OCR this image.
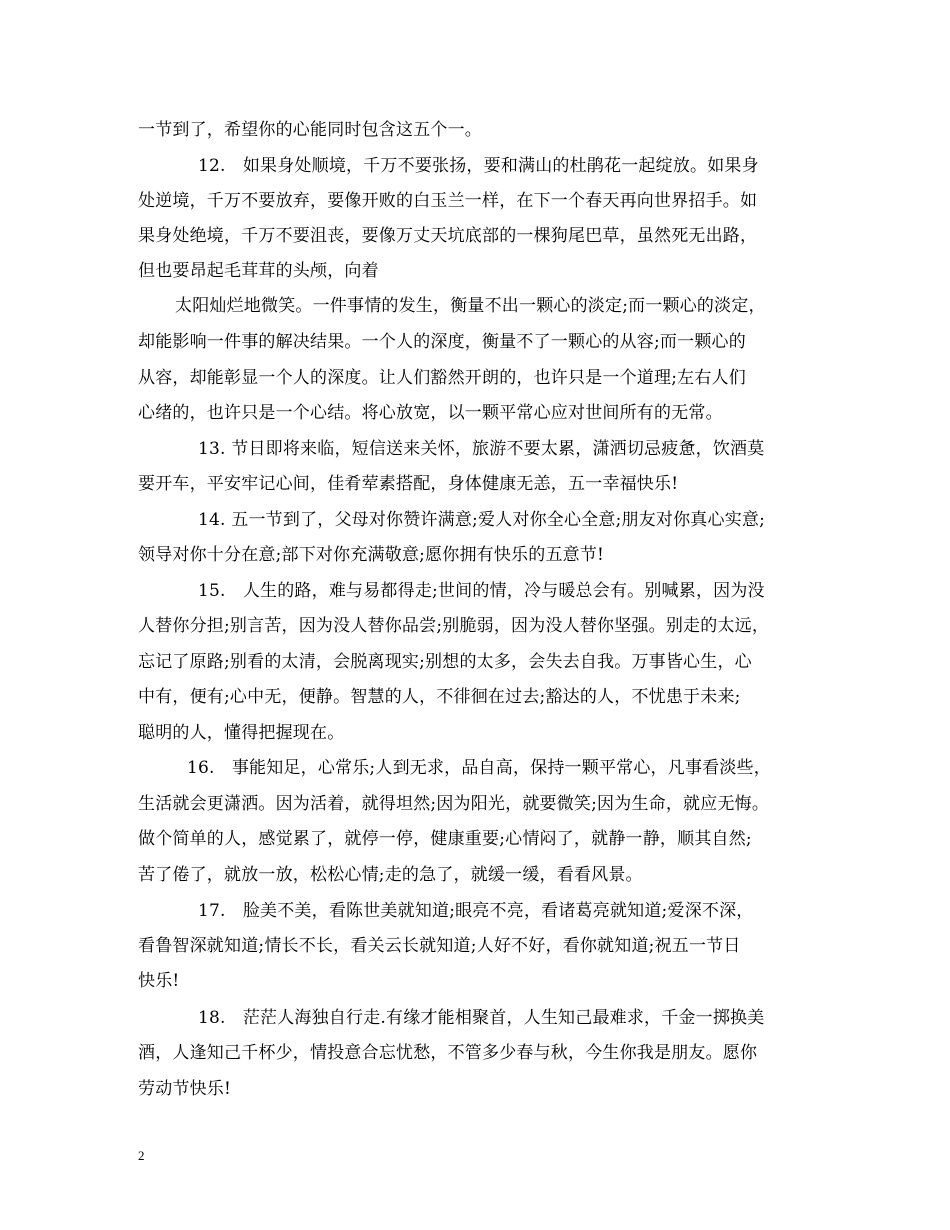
一节到了，希望你的心能同时包含这五个一。
12.　如果身处顺境，千万不要张扬，要和满山的杜鹃花一起绽放。如果身
处逆境，千万不要放弃，要像开败的白玉兰一样，在下一个春天再向世界招手。如
果身处绝境，千万不要沮丧，要像万丈天坑底部的一棵狗尾巴草，虽然死无出路，
但也要昂起毛茸茸的头颅，向着
太阳灿烂地微笑。一件事情的发生，衡量不出一颗心的淡定;而一颗心的淡定，
却能影响一件事的解决结果。一个人的深度，衡量不了一颗心的从容;而一颗心的
从容，却能彰显一个人的深度。让人们豁然开朗的，也许只是一个道理;左右人们
心绪的，也许只是一个心结。将心放宽，以一颗平常心应对世间所有的无常。
13. 节日即将来临，短信送来关怀，旅游不要太累，潇洒切忌疲惫，饮酒莫
要开车，平安牢记心间，佳肴荤素搭配，身体健康无恙，五一幸福快乐!
14. 五一节到了，父母对你赞许满意;爱人对你全心全意;朋友对你真心实意;
领导对你十分在意;部下对你充满敬意;愿你拥有快乐的五意节!
15.　人生的路，难与易都得走;世间的情，冷与暖总会有。别喊累，因为没
人替你分担;别言苦，因为没人替你品尝;别脆弱，因为没人替你坚强。别走的太远，
忘记了原路;别看的太清，会脱离现实;别想的太多，会失去自我。万事皆心生，心
中有，便有;心中无，便静。智慧的人，不徘徊在过去;豁达的人，不忧患于未来;
聪明的人，懂得把握现在。
16.　事能知足，心常乐;人到无求，品自高，保持一颗平常心，凡事看淡些，
生活就会更潇洒。因为活着，就得坦然;因为阳光，就要微笑;因为生命，就应无悔。
做个简单的人，感觉累了，就停一停，健康重要;心情闷了，就静一静，顺其自然;
苦了倦了，就放一放，松松心情;走的急了，就缓一缓，看看风景。
17.　脸美不美，看陈世美就知道;眼亮不亮，看诸葛亮就知道;爱深不深，
看鲁智深就知道;情长不长，看关云长就知道;人好不好，看你就知道;祝五一节日
快乐!
18.　茫茫人海独自行走.有缘才能相聚首，人生知己最难求，千金一掷换美
酒，人逢知己千杯少，情投意合忘忧愁，不管多少春与秋，今生你我是朋友。愿你
劳动节快乐!
2
